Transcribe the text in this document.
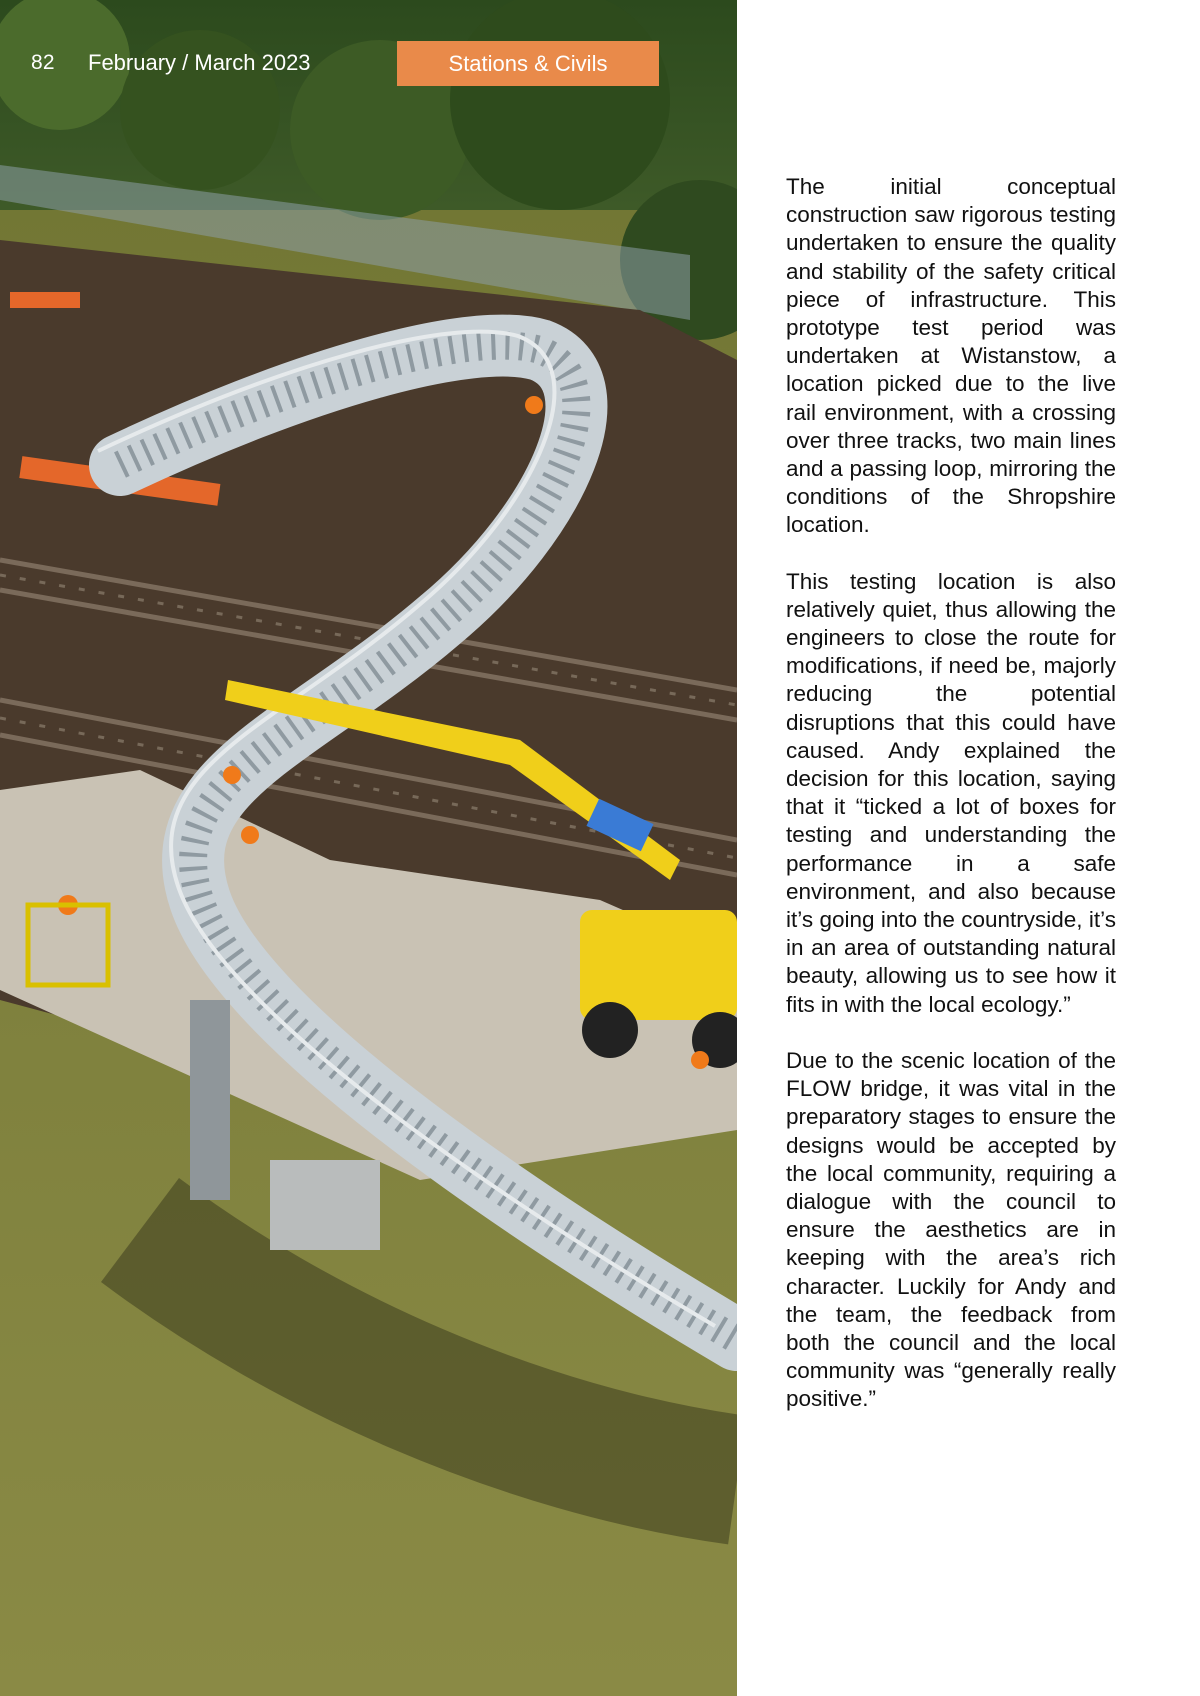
82 February / March 2023	Stations & Civils

The initial conceptual construction saw rigorous testing undertaken to ensure the quality and stability of the safety critical piece of infrastructure. This prototype test period was undertaken at Wistanstow, a location picked due to the live rail environment, with a crossing over three tracks, two main lines and a passing loop, mirroring the conditions of the Shropshire location.

This testing location is also relatively quiet, thus allowing the engineers to close the route for modifications, if need be, majorly reducing the potential disruptions that this could have caused. Andy explained the decision for this location, saying that it “ticked a lot of boxes for testing and understanding the performance in a safe environment, and also because it’s going into the countryside, it’s in an area of outstanding natural beauty, allowing us to see how it fits in with the local ecology.”

Due to the scenic location of the FLOW bridge, it was vital in the preparatory stages to ensure the designs would be accepted by the local community, requiring a dialogue with the council to ensure the aesthetics are in keeping with the area’s rich character. Luckily for Andy and the team, the feedback from both the council and the local community was “generally really positive.”
